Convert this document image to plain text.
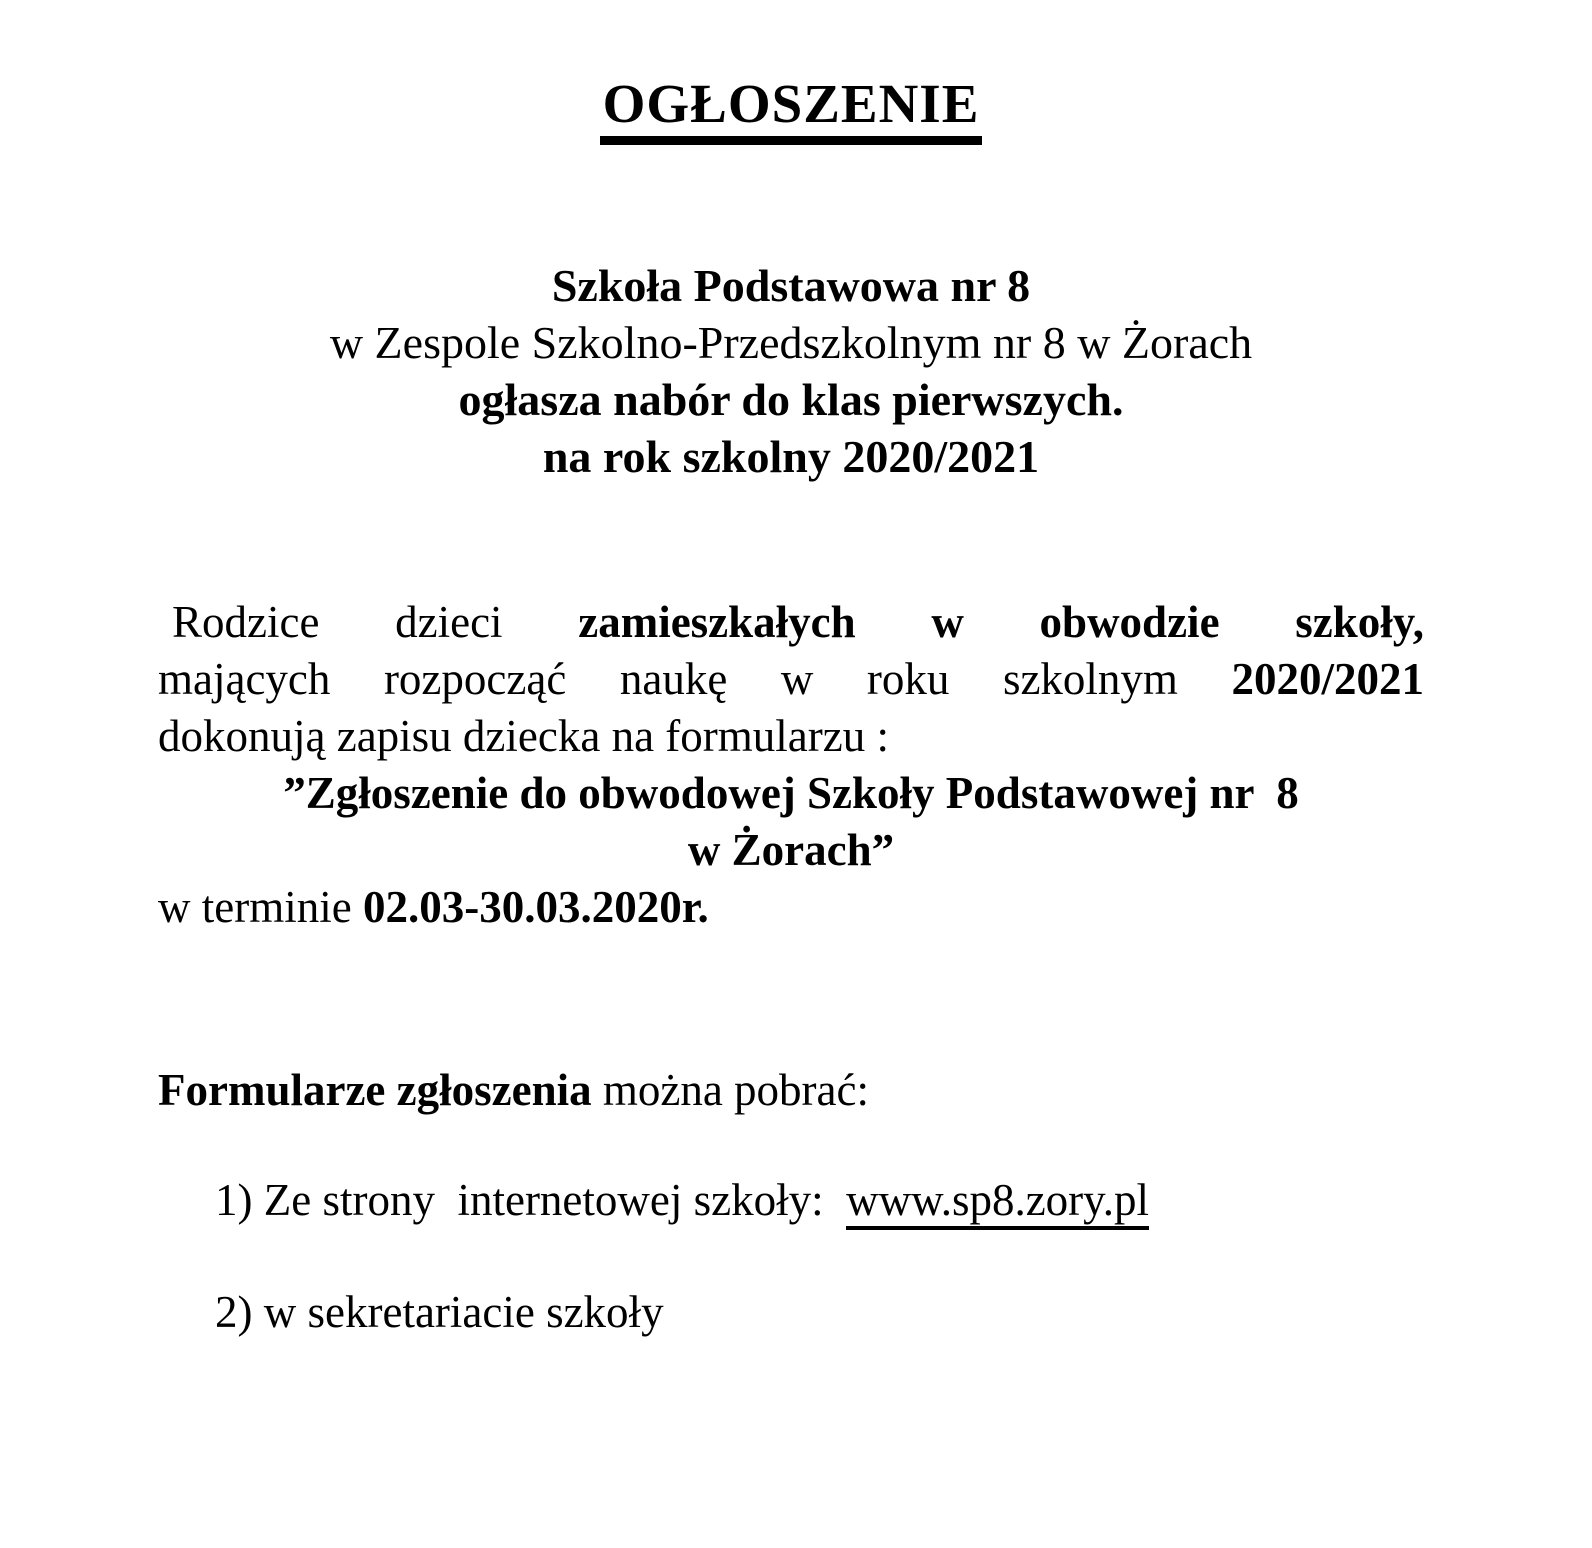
OGŁOSZENIE
Szkoła Podstawowa nr 8
w Zespole Szkolno-Przedszkolnym nr 8 w Żorach
ogłasza nabór do klas pierwszych.
na rok szkolny 2020/2021
Rodzice dzieci zamieszkałych w obwodzie szkoły,
mających rozpocząć naukę w roku szkolnym 2020/2021
dokonują zapisu dziecka na formularzu :
”Zgłoszenie do obwodowej Szkoły Podstawowej nr  8
w Żorach”
w terminie 02.03-30.03.2020r.
Formularze zgłoszenia można pobrać:
1) Ze strony  internetowej szkoły:  www.sp8.zory.pl
2) w sekretariacie szkoły
